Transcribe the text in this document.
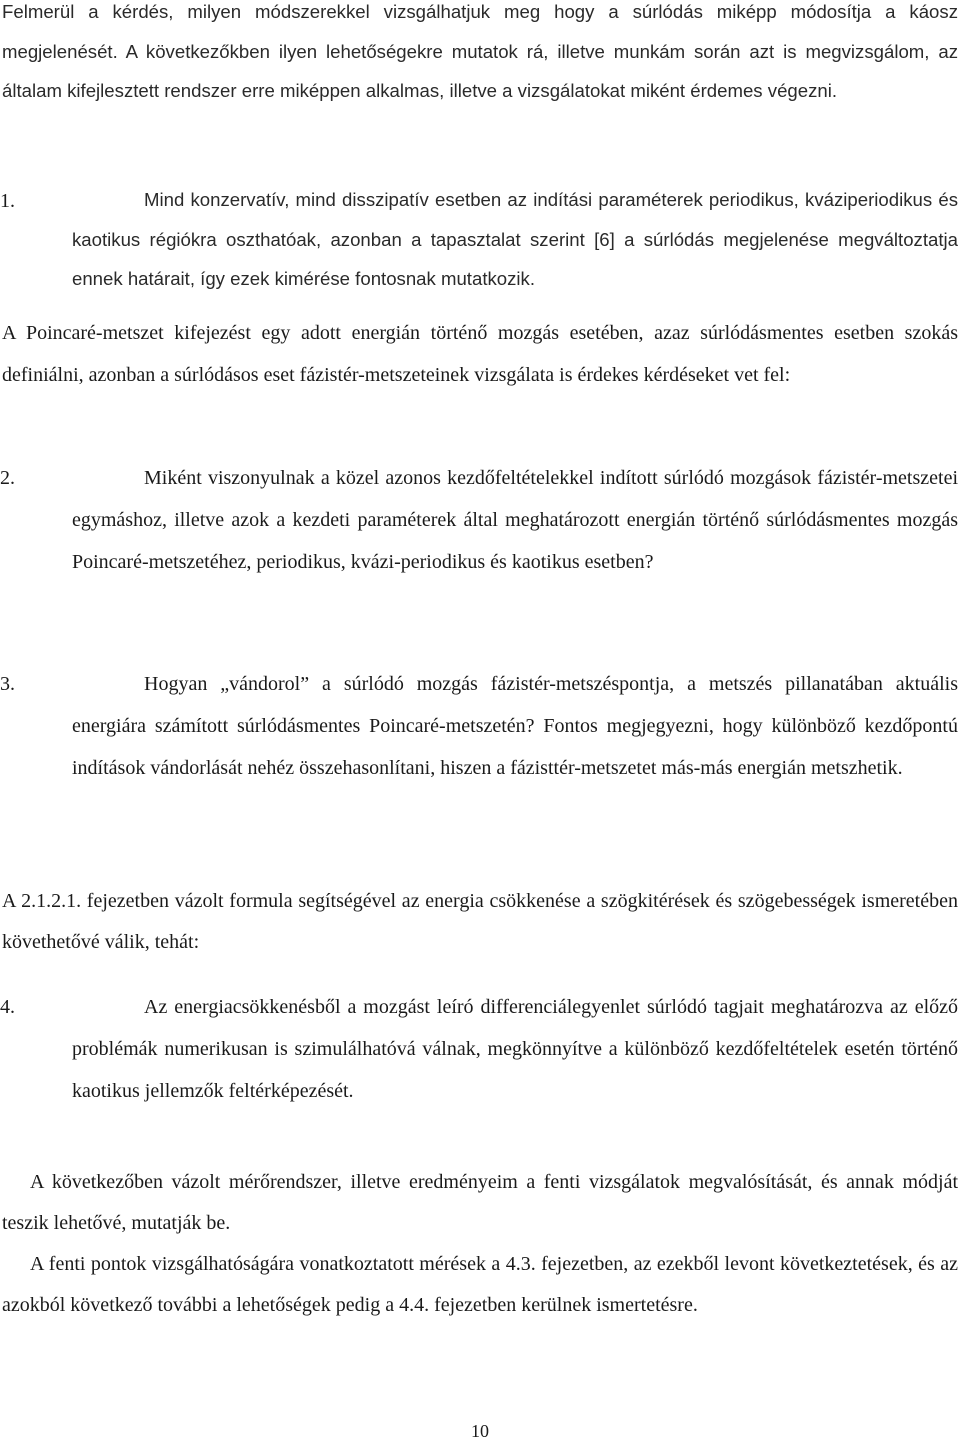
Felmerül a kérdés, milyen módszerekkel vizsgálhatjuk meg hogy a súrlódás miképp módosítja a káosz megjelenését. A következőkben ilyen lehetőségekre mutatok rá, illetve munkám során azt is megvizsgálom, az általam kifejlesztett rendszer erre miképpen alkalmas, illetve a vizsgálatokat miként érdemes végezni.
1.	Mind konzervatív, mind disszipatív esetben az indítási paraméterek periodikus, kváziperiodikus és kaotikus régiókra oszthatóak, azonban a tapasztalat szerint [6] a súrlódás megjelenése megváltoztatja ennek határait, így ezek kimérése fontosnak mutatkozik.
A Poincaré-metszet kifejezést egy adott energián történő mozgás esetében, azaz súrlódásmentes esetben szokás definiálni, azonban a súrlódásos eset fázistér-metszeteinek vizsgálata is érdekes kérdéseket vet fel:
2.	Miként viszonyulnak a közel azonos kezdőfeltételekkel indított súrlódó mozgások fázistér-metszetei egymáshoz, illetve azok a kezdeti paraméterek által meghatározott energián történő súrlódásmentes mozgás Poincaré-metszetéhez, periodikus, kvázi-periodikus és kaotikus esetben?
3.	Hogyan „vándorol” a súrlódó mozgás fázistér-metszéspontja, a metszés pillanatában aktuális energiára számított súrlódásmentes Poincaré-metszetén? Fontos megjegyezni, hogy különböző kezdőpontú indítások vándorlását nehéz összehasonlítani, hiszen a fázisttér-metszetet más-más energián metszhetik.
A 2.1.2.1. fejezetben vázolt formula segítségével az energia csökkenése a szögkitérések és szögebességek ismeretében követhetővé válik, tehát:
4.	Az energiacsökkenésből a mozgást leíró differenciálegyenlet súrlódó tagjait meghatározva az előző problémák numerikusan is szimulálhatóvá válnak, megkönnyítve a különböző kezdőfeltételek esetén történő kaotikus jellemzők feltérképezését.
A következőben vázolt mérőrendszer, illetve eredményeim a fenti vizsgálatok megvalósítását, és annak módját teszik lehetővé, mutatják be.
A fenti pontok vizsgálhatóságára vonatkoztatott mérések a 4.3. fejezetben, az ezekből levont következtetések, és az azokból következő további a lehetőségek pedig a 4.4. fejezetben kerülnek ismertetésre.
10
